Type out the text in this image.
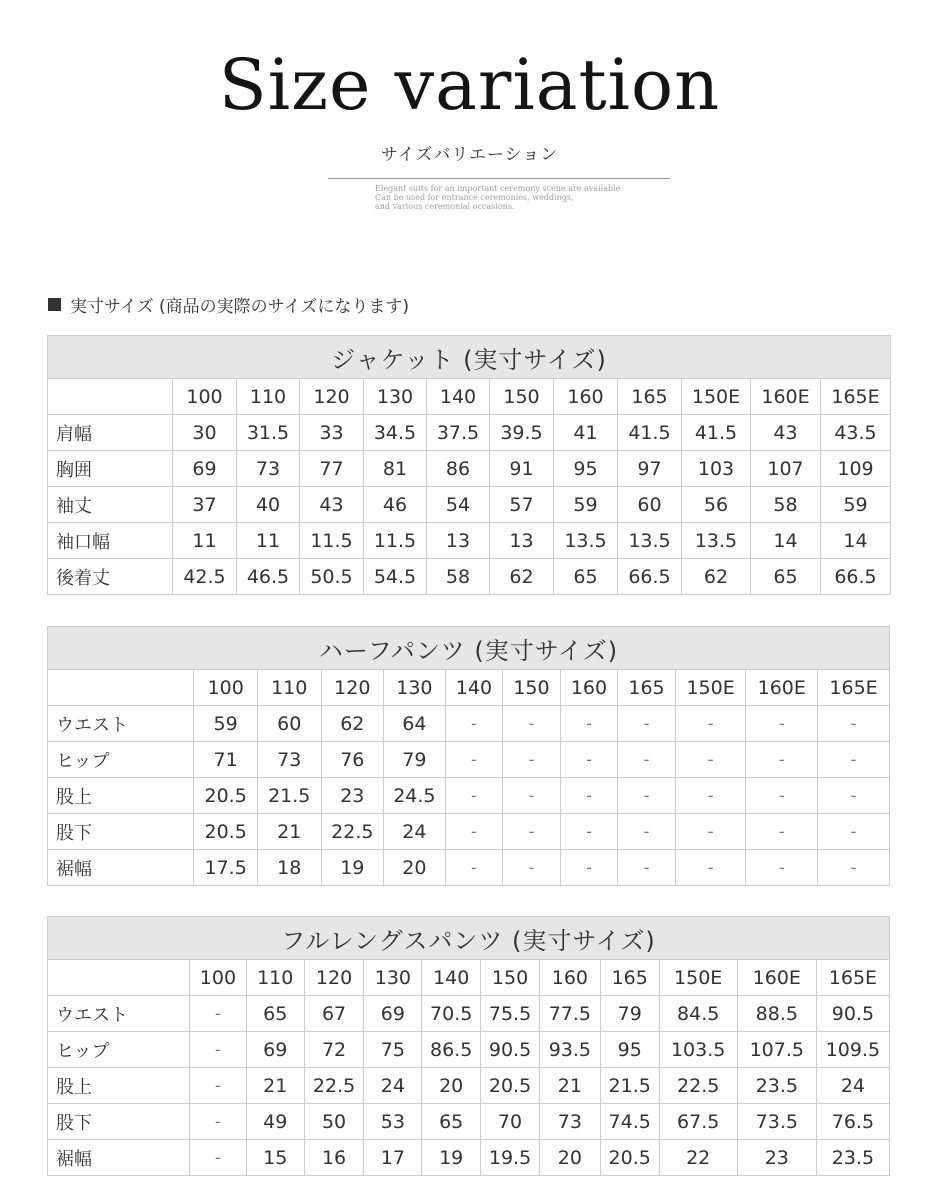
Size variation
サイズバリエーション
Elegant suits for an important ceremony scene are available
Can be used for entrance ceremonies, weddings,
and various ceremonial occasions.
実寸サイズ (商品の実際のサイズになります)
ジャケット (実寸サイズ)											
	100	110	120	130	140	150	160	165	150E	160E	165E
肩幅	30	31.5	33	34.5	37.5	39.5	41	41.5	41.5	43	43.5
胸囲	69	73	77	81	86	91	95	97	103	107	109
袖丈	37	40	43	46	54	57	59	60	56	58	59
袖口幅	11	11	11.5	11.5	13	13	13.5	13.5	13.5	14	14
後着丈	42.5	46.5	50.5	54.5	58	62	65	66.5	62	65	66.5
ハーフパンツ (実寸サイズ)											
	100	110	120	130	140	150	160	165	150E	160E	165E
ウエスト	59	60	62	64	-	-	-	-	-	-	-
ヒップ	71	73	76	79	-	-	-	-	-	-	-
股上	20.5	21.5	23	24.5	-	-	-	-	-	-	-
股下	20.5	21	22.5	24	-	-	-	-	-	-	-
裾幅	17.5	18	19	20	-	-	-	-	-	-	-
フルレングスパンツ (実寸サイズ)											
	100	110	120	130	140	150	160	165	150E	160E	165E
ウエスト	-	65	67	69	70.5	75.5	77.5	79	84.5	88.5	90.5
ヒップ	-	69	72	75	86.5	90.5	93.5	95	103.5	107.5	109.5
股上	-	21	22.5	24	20	20.5	21	21.5	22.5	23.5	24
股下	-	49	50	53	65	70	73	74.5	67.5	73.5	76.5
裾幅	-	15	16	17	19	19.5	20	20.5	22	23	23.5
